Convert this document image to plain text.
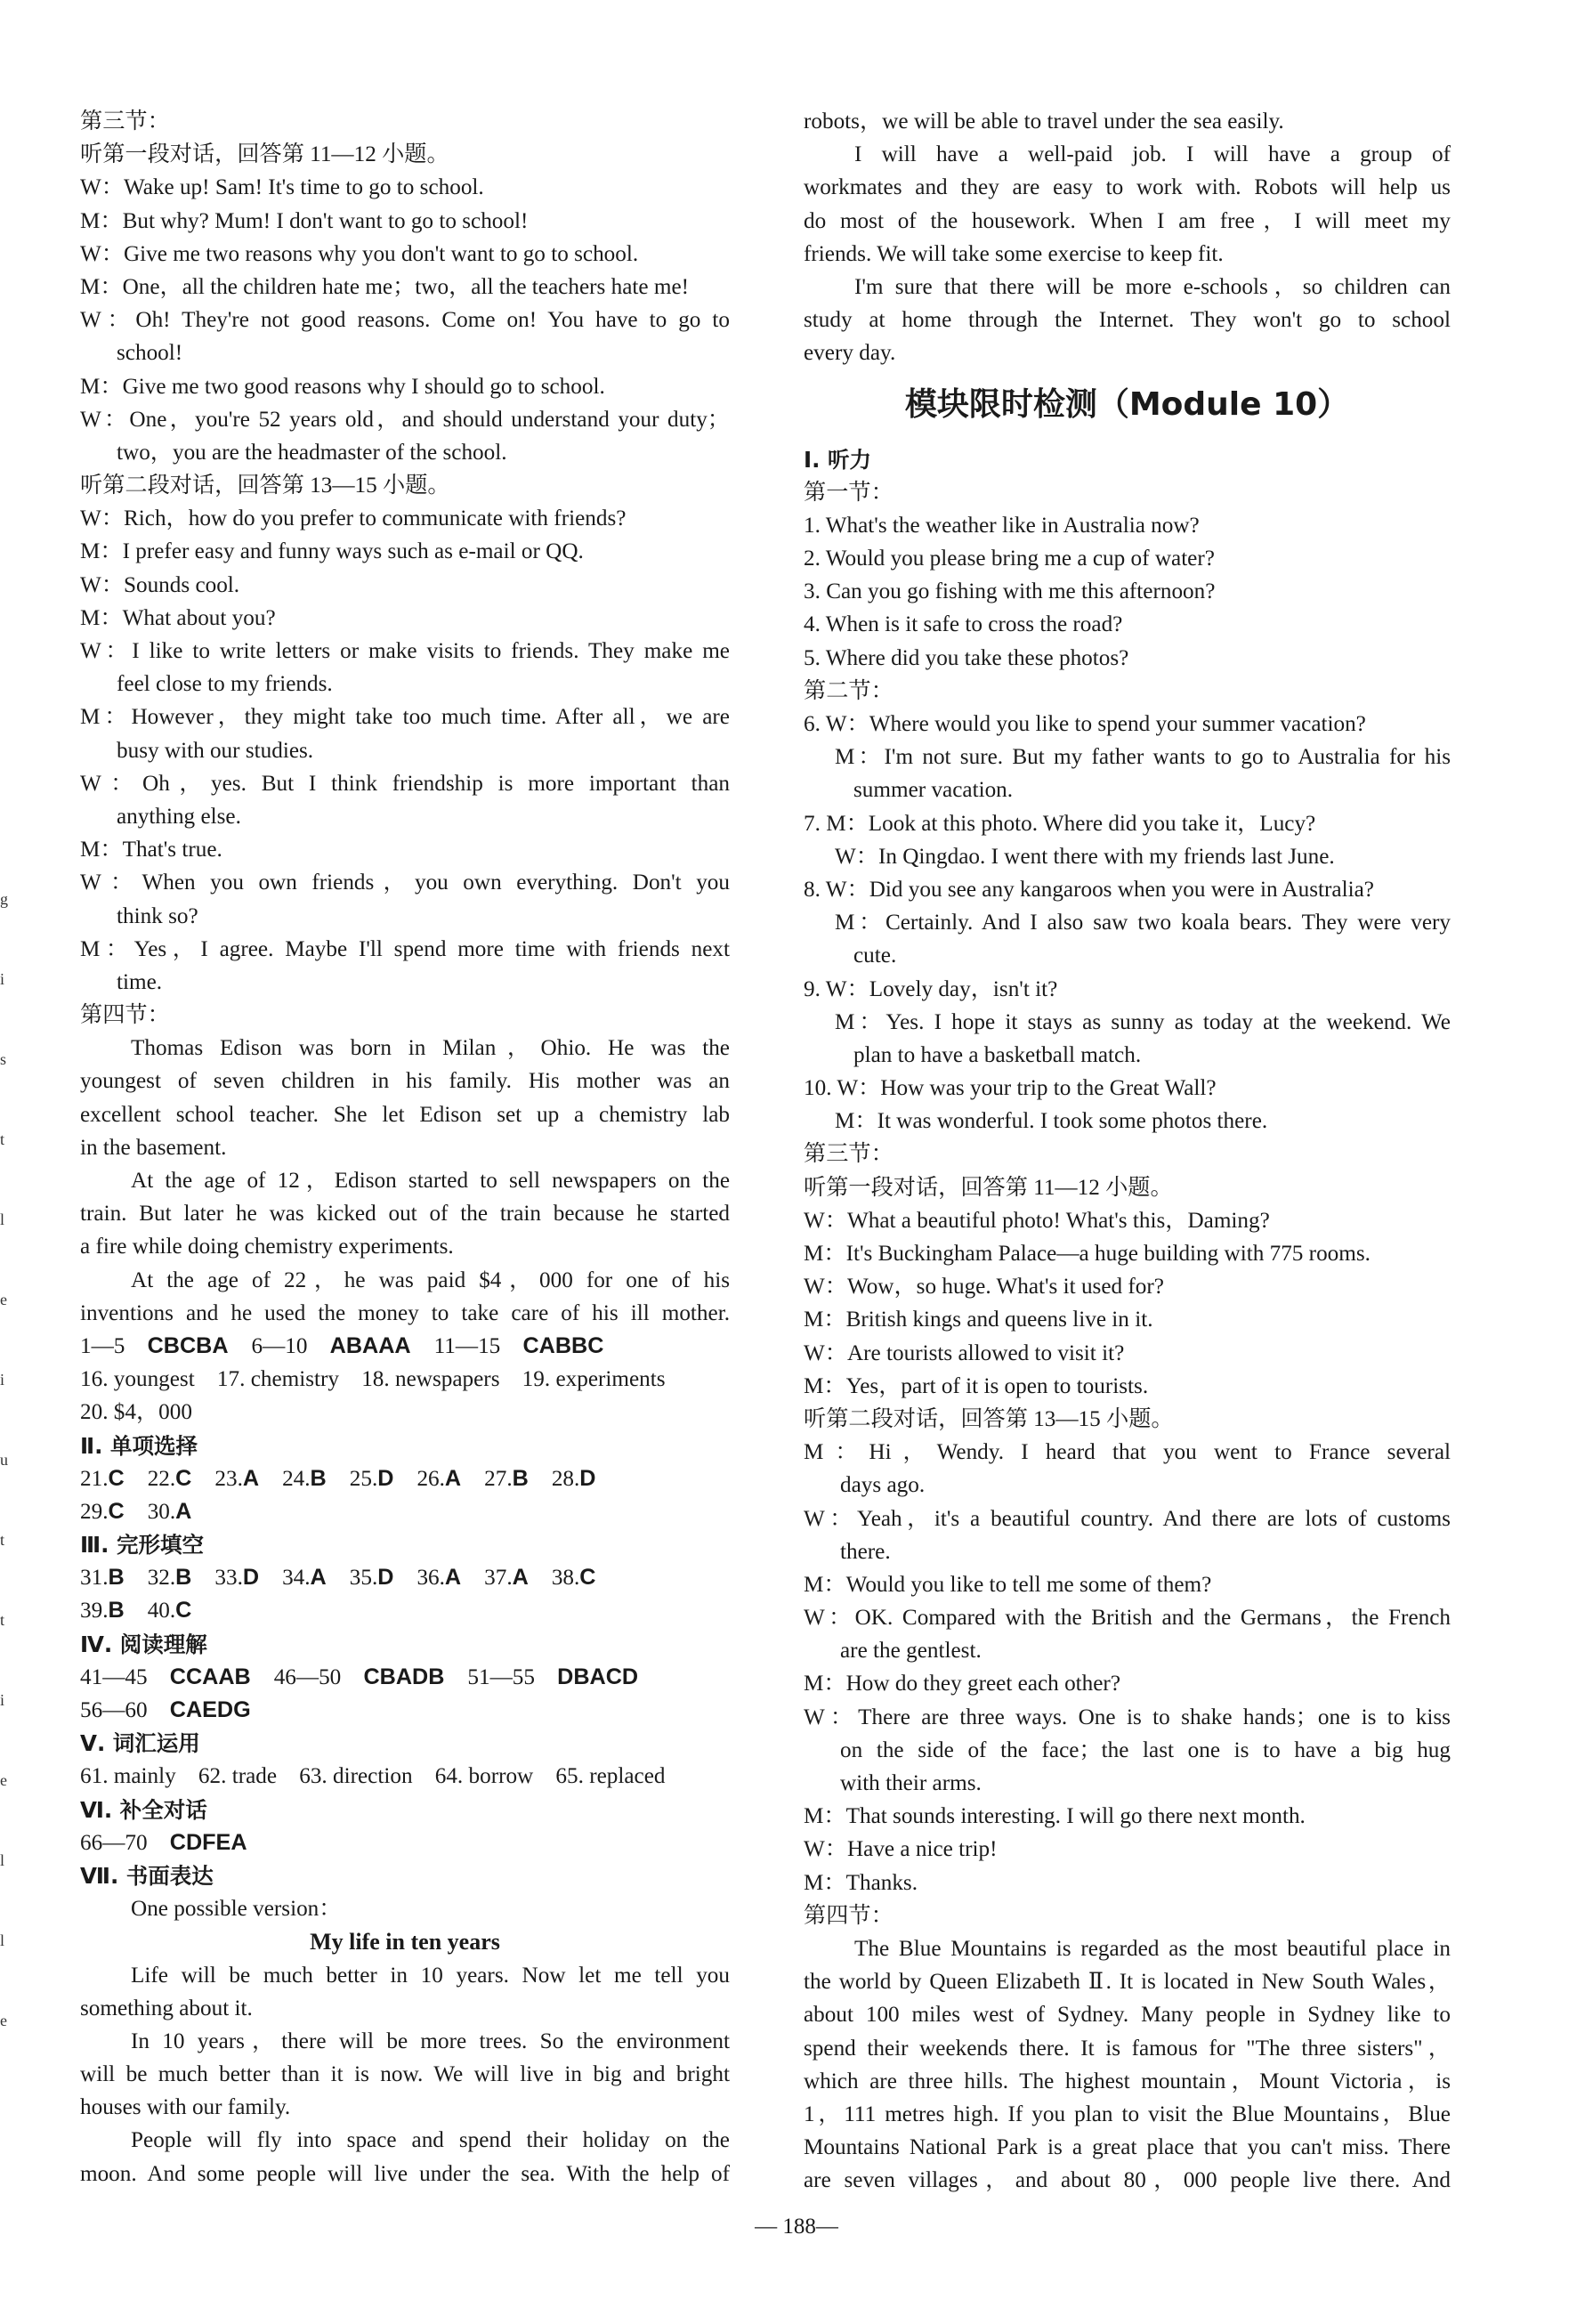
第三节：
听第一段对话，回答第 11—12 小题。
W：Wake up! Sam! It's time to go to school.
M：But why? Mum! I don't want to go to school!
W：Give me two reasons why you don't want to go to school.
M：One，all the children hate me；two，all the teachers hate me!
W：Oh! They're not good reasons. Come on! You have to go to
school!
M：Give me two good reasons why I should go to school.
W：One，you're 52 years old，and should understand your duty；
two，you are the headmaster of the school.
听第二段对话，回答第 13—15 小题。
W：Rich，how do you prefer to communicate with friends?
M：I prefer easy and funny ways such as e-mail or QQ.
W：Sounds cool.
M：What about you?
W：I like to write letters or make visits to friends. They make me
feel close to my friends.
M：However，they might take too much time. After all，we are
busy with our studies.
W：Oh，yes. But I think friendship is more important than
anything else.
M：That's true.
W：When you own friends，you own everything. Don't you
think so?
M：Yes，I agree. Maybe I'll spend more time with friends next
time.
第四节：
Thomas Edison was born in Milan，Ohio. He was the
youngest of seven children in his family. His mother was an
excellent school teacher. She let Edison set up a chemistry lab
in the basement.
At the age of 12，Edison started to sell newspapers on the
train. But later he was kicked out of the train because he started
a fire while doing chemistry experiments.
At the age of 22，he was paid $4，000 for one of his
inventions and he used the money to take care of his ill mother.
1—5　CBCBA 6—10　ABAAA 11—15　CABBC
16. youngest　17. chemistry　18. newspapers　19. experiments
20. $4，000
Ⅱ. 单项选择
21.C 22.C 23.A 24.B 25.D 26.A 27.B 28.D
29.C 30.A
Ⅲ. 完形填空
31.B 32.B 33.D 34.A 35.D 36.A 37.A 38.C
39.B 40.C
Ⅳ. 阅读理解
41—45　CCAAB 46—50　CBADB 51—55　DBACD
56—60　CAEDG
Ⅴ. 词汇运用
61. mainly　62. trade　63. direction　64. borrow　65. replaced
Ⅵ. 补全对话
66—70　CDFEA
Ⅶ. 书面表达
One possible version：
My life in ten years
Life will be much better in 10 years. Now let me tell you
something about it.
In 10 years，there will be more trees. So the environment
will be much better than it is now. We will live in big and bright
houses with our family.
People will fly into space and spend their holiday on the
moon. And some people will live under the sea. With the help of
robots，we will be able to travel under the sea easily.
I will have a well-paid job. I will have a group of
workmates and they are easy to work with. Robots will help us
do most of the housework. When I am free，I will meet my
friends. We will take some exercise to keep fit.
I'm sure that there will be more e-schools，so children can
study at home through the Internet. They won't go to school
every day.
模块限时检测（Module 10）
Ⅰ. 听力
第一节：
1. What's the weather like in Australia now?
2. Would you please bring me a cup of water?
3. Can you go fishing with me this afternoon?
4. When is it safe to cross the road?
5. Where did you take these photos?
第二节：
6. W：Where would you like to spend your summer vacation?
M：I'm not sure. But my father wants to go to Australia for his
summer vacation.
7. M：Look at this photo. Where did you take it，Lucy?
W：In Qingdao. I went there with my friends last June.
8. W：Did you see any kangaroos when you were in Australia?
M：Certainly. And I also saw two koala bears. They were very
cute.
9. W：Lovely day，isn't it?
M：Yes. I hope it stays as sunny as today at the weekend. We
plan to have a basketball match.
10. W：How was your trip to the Great Wall?
M：It was wonderful. I took some photos there.
第三节：
听第一段对话，回答第 11—12 小题。
W：What a beautiful photo! What's this，Daming?
M：It's Buckingham Palace—a huge building with 775 rooms.
W：Wow，so huge. What's it used for?
M：British kings and queens live in it.
W：Are tourists allowed to visit it?
M：Yes，part of it is open to tourists.
听第二段对话，回答第 13—15 小题。
M：Hi，Wendy. I heard that you went to France several
days ago.
W：Yeah，it's a beautiful country. And there are lots of customs
there.
M：Would you like to tell me some of them?
W：OK. Compared with the British and the Germans，the French
are the gentlest.
M：How do they greet each other?
W：There are three ways. One is to shake hands；one is to kiss
on the side of the face；the last one is to have a big hug
with their arms.
M：That sounds interesting. I will go there next month.
W：Have a nice trip!
M：Thanks.
第四节：
The Blue Mountains is regarded as the most beautiful place in
the world by Queen Elizabeth Ⅱ. It is located in New South Wales，
about 100 miles west of Sydney. Many people in Sydney like to
spend their weekends there. It is famous for "The three sisters"，
which are three hills. The highest mountain，Mount Victoria，is
1，111 metres high. If you plan to visit the Blue Mountains，Blue
Mountains National Park is a great place that you can't miss. There
are seven villages，and about 80，000 people live there. And
— 188—
g
i
s
t
l
e
i
u
t
t
i
e
l
l
e
